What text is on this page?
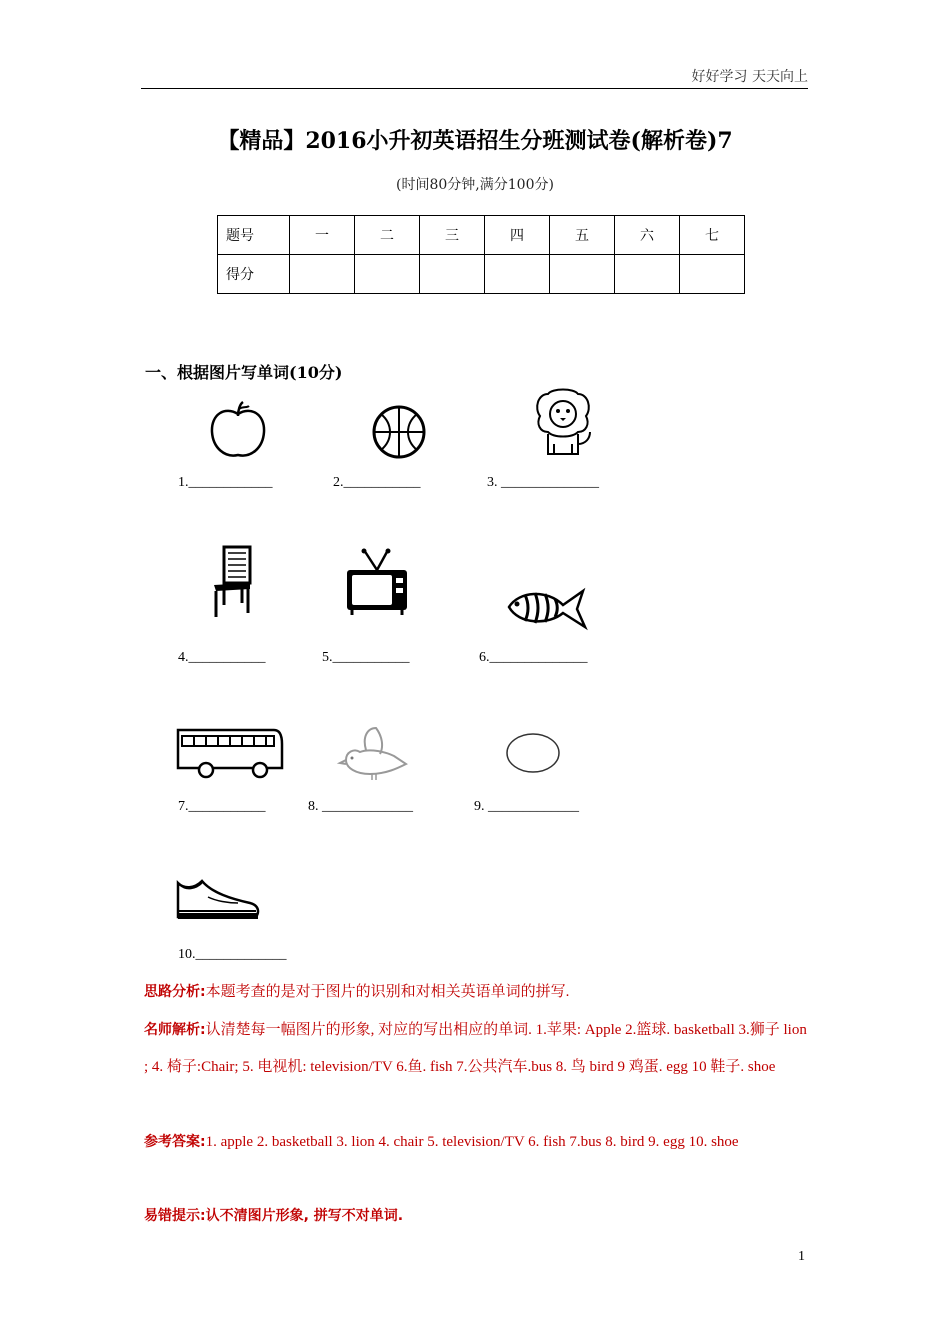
好好学习 天天向上
【精品】2016小升初英语招生分班测试卷(解析卷)7
(时间80分钟,满分100分)
题号	一	二	三	四	五	六	七
得分							
一、根据图片写单词(10分)
1.____________	2.___________	3. ______________
4.___________	5.___________	6.______________
7.___________	8. _____________	9. _____________
10._____________
思路分析:本题考查的是对于图片的识别和对相关英语单词的拼写.
名师解析:认清楚每一幅图片的形象, 对应的写出相应的单词. 1.苹果: Apple 2.篮球. basketball 3.狮子 lion ; 4. 椅子:Chair; 5. 电视机: television/TV 6.鱼. fish 7.公共汽车.bus 8. 鸟 bird 9 鸡蛋. egg 10 鞋子. shoe
参考答案:1. apple 2. basketball 3. lion 4. chair 5. television/TV 6. fish 7.bus 8. bird 9. egg 10. shoe
易错提示:认不清图片形象, 拼写不对单词.
1
